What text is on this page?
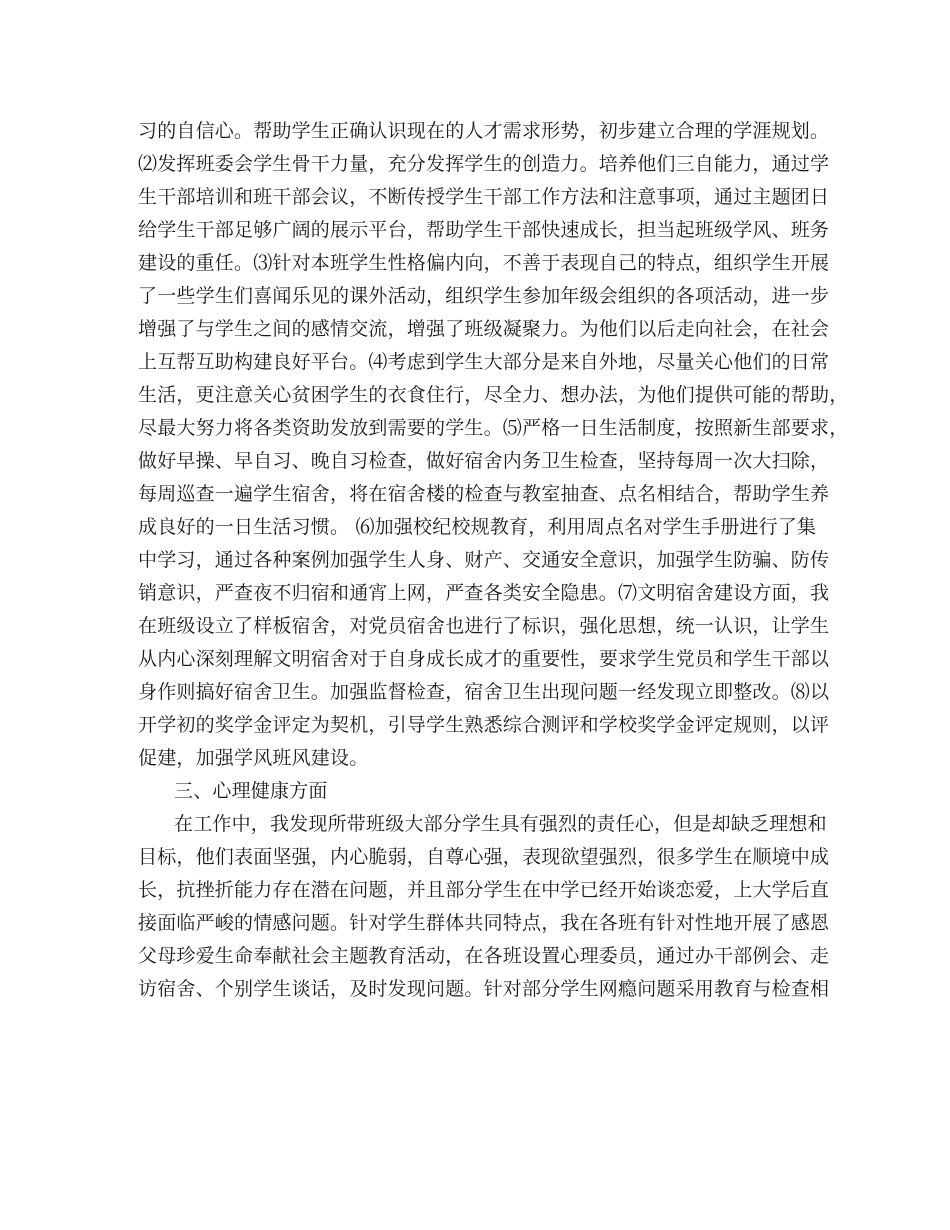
习的自信心。帮助学生正确认识现在的人才需求形势，初步建立合理的学涯规划。
⑵发挥班委会学生骨干力量，充分发挥学生的创造力。培养他们三自能力，通过学
生干部培训和班干部会议，不断传授学生干部工作方法和注意事项，通过主题团日
给学生干部足够广阔的展示平台，帮助学生干部快速成长，担当起班级学风、班务
建设的重任。⑶针对本班学生性格偏内向，不善于表现自己的特点，组织学生开展
了一些学生们喜闻乐见的课外活动，组织学生参加年级会组织的各项活动，进一步
增强了与学生之间的感情交流，增强了班级凝聚力。为他们以后走向社会，在社会
上互帮互助构建良好平台。⑷考虑到学生大部分是来自外地，尽量关心他们的日常
生活，更注意关心贫困学生的衣食住行，尽全力、想办法，为他们提供可能的帮助，
尽最大努力将各类资助发放到需要的学生。⑸严格一日生活制度，按照新生部要求，
做好早操、早自习、晚自习检查，做好宿舍内务卫生检查，坚持每周一次大扫除，
每周巡查一遍学生宿舍，将在宿舍楼的检查与教室抽查、点名相结合，帮助学生养
成良好的一日生活习惯。 ⑹加强校纪校规教育，利用周点名对学生手册进行了集
中学习，通过各种案例加强学生人身、财产、交通安全意识，加强学生防骗、防传
销意识，严查夜不归宿和通宵上网，严查各类安全隐患。⑺文明宿舍建设方面，我
在班级设立了样板宿舍，对党员宿舍也进行了标识，强化思想，统一认识，让学生
从内心深刻理解文明宿舍对于自身成长成才的重要性，要求学生党员和学生干部以
身作则搞好宿舍卫生。加强监督检查，宿舍卫生出现问题一经发现立即整改。⑻以
开学初的奖学金评定为契机，引导学生熟悉综合测评和学校奖学金评定规则，以评
促建，加强学风班风建设。
三、心理健康方面
在工作中，我发现所带班级大部分学生具有强烈的责任心，但是却缺乏理想和
目标，他们表面坚强，内心脆弱，自尊心强，表现欲望强烈，很多学生在顺境中成
长，抗挫折能力存在潜在问题，并且部分学生在中学已经开始谈恋爱，上大学后直
接面临严峻的情感问题。针对学生群体共同特点，我在各班有针对性地开展了感恩
父母珍爱生命奉献社会主题教育活动，在各班设置心理委员，通过办干部例会、走
访宿舍、个别学生谈话，及时发现问题。针对部分学生网瘾问题采用教育与检查相
